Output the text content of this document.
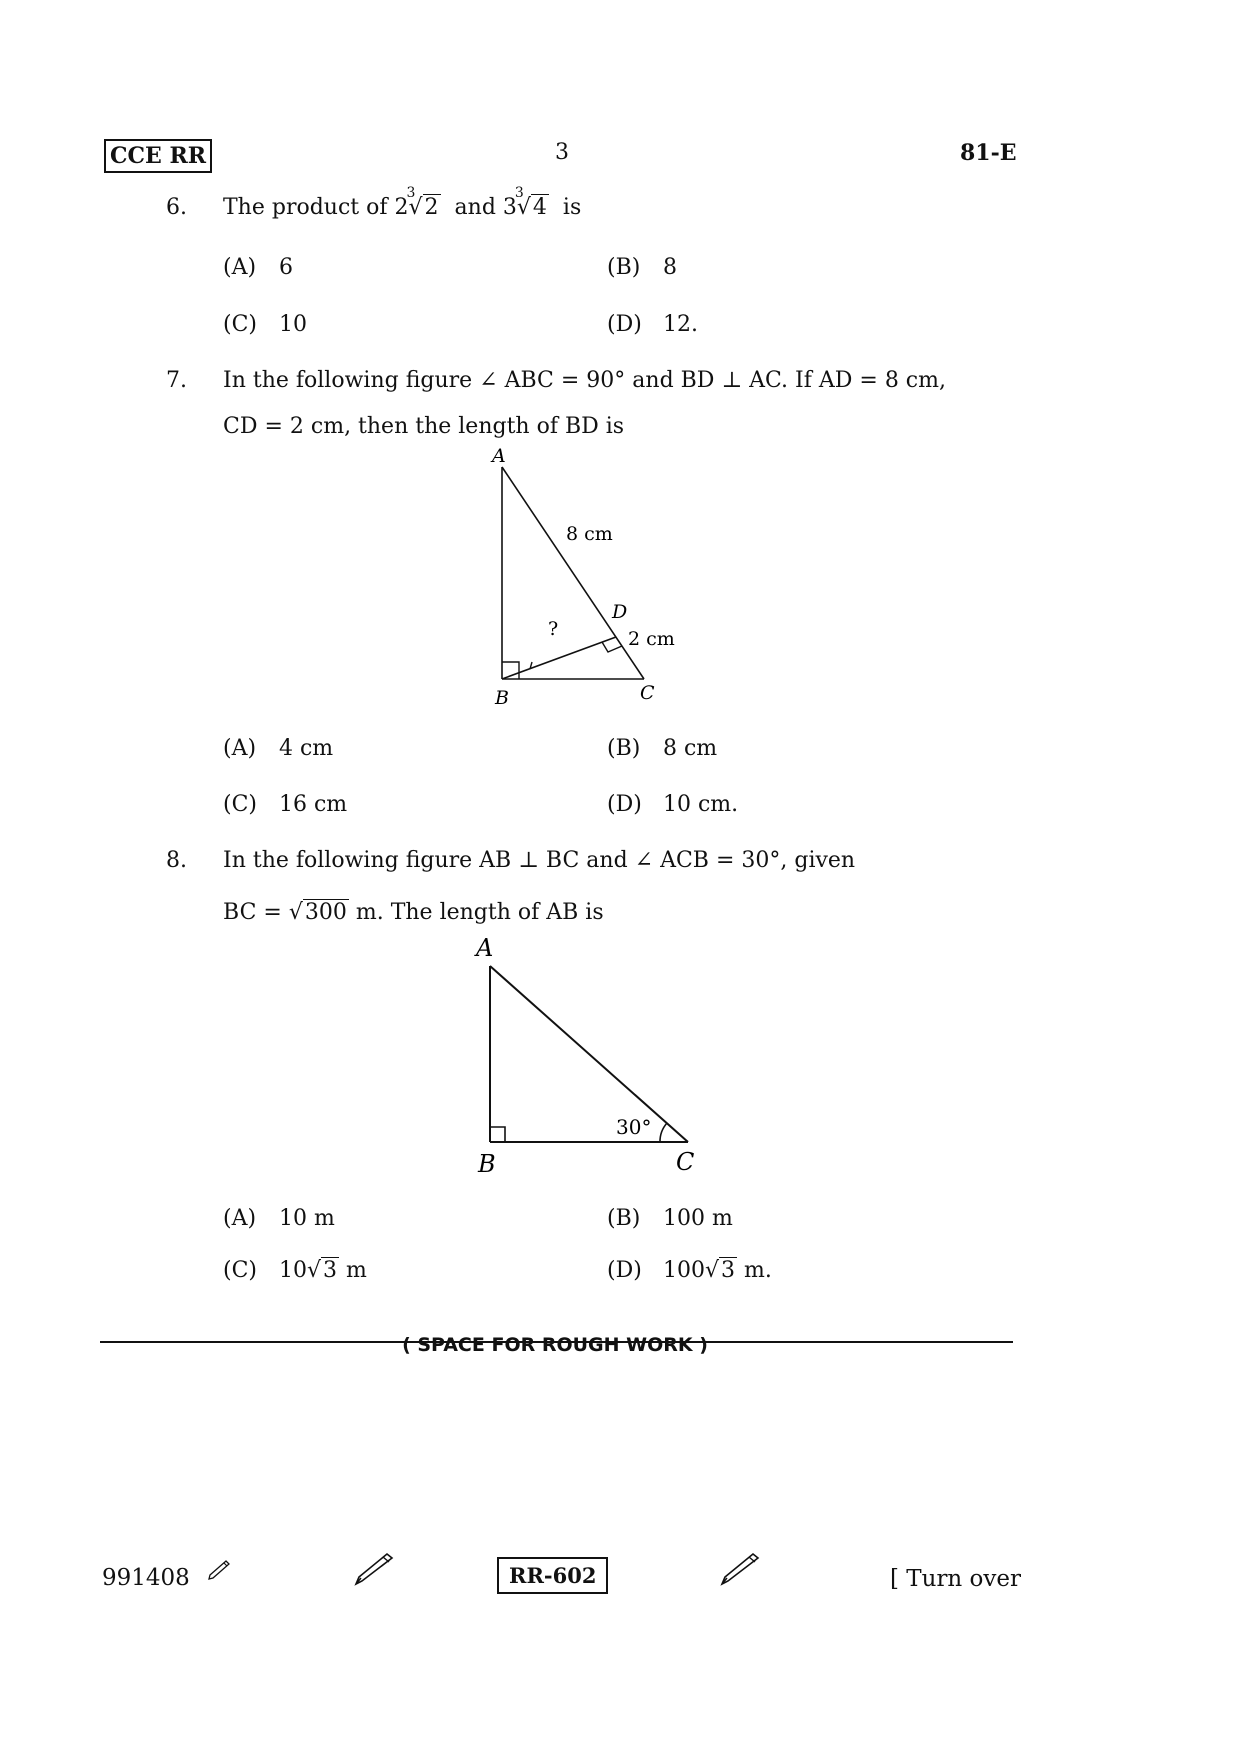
CCE RR	3	81-E
6. The product of 2
3
√2 and 3
3
√4 is
(A) 6	(B) 8
(C) 10	(D) 12.
7. In the following figure ∠ ABC = 90° and BD ⊥ AC. If AD = 8 cm,
CD = 2 cm, then the length of BD is
A
B	C
D
8 cm
2 cm
?
(A) 4 cm	(B) 8 cm
(C) 16 cm	(D) 10 cm.
8. In the following figure AB ⊥ BC and ∠ ACB = 30°, given
BC = √300 m. The length of AB is
A
B	C
30°
(A) 10 m	(B) 100 m
(C) 10√3 m	(D) 100√3 m.
( SPACE FOR ROUGH WORK )
991408	RR-602	[ Turn over
